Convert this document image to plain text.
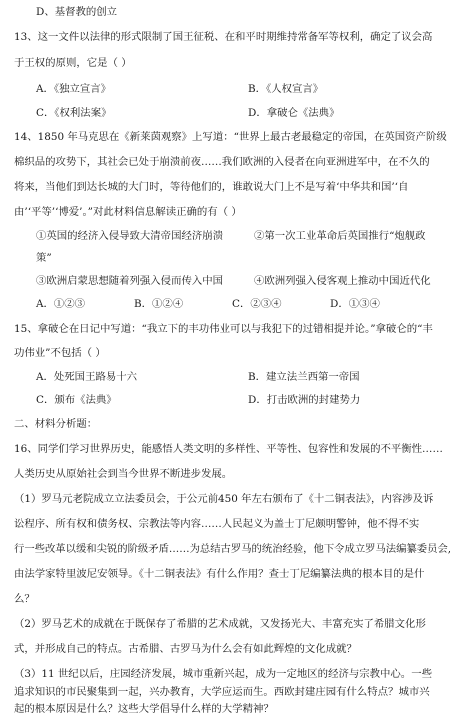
D、基督教的创立
13、这一文件以法律的形式限制了国王征税、在和平时期维持常备军等权利，确定了议会高
于王权的原则，它是（ ）
A．《独立宣言》	B．《人权宣言》
C．《权利法案》	D．拿破仑《法典》
14、1850 年马克思在《新莱茵观察》上写道：“世界上最古老最稳定的帝国，在英国资产阶级
棉织品的攻势下，其社会已处于崩溃前夜……我们欧洲的入侵者在向亚洲进军中，在不久的
将来，当他们到达长城的大门时，等待他们的，谁敢说大门上不是写着‘中华共和国’‘自
由’‘平等’‘博爱’。”对此材料信息解读正确的有（ ）
①英国的经济入侵导致大清帝国经济崩溃	②第一次工业革命后英国推行“炮舰政
策”
③欧洲启蒙思想随着列强入侵而传入中国	④欧洲列强入侵客观上推动中国近代化
A．①②③	B．①②④	C．②③④	D．①③④
15、拿破仑在日记中写道：“我立下的丰功伟业可以与我犯下的过错相提并论。”拿破仑的“丰
功伟业”不包括（ ）
A．处死国王路易十六	B．建立法兰西第一帝国
C．颁布《法典》	D．打击欧洲的封建势力
二、材料分析题：
16、同学们学习世界历史，能感悟人类文明的多样性、平等性、包容性和发展的不平衡性……
人类历史从原始社会到当今世界不断进步发展。
（1）罗马元老院成立立法委员会，于公元前450 年左右颁布了《十二铜表法》，内容涉及诉
讼程序、所有权和债务权、宗教法等内容……人民起义为盖士丁尼颇明警钟，他不得不实
行一些改革以缓和尖锐的阶级矛盾……为总结古罗马的统治经验，他下令成立罗马法编纂委员会,
由法学家特里波尼安领导。《十二铜表法》有什么作用？查士丁尼编纂法典的根本目的是什
么？
（2）罗马艺术的成就在于既保存了希腊的艺术成就，又发扬光大、丰富充实了希腊文化形
式，并形成自己的特点。古希腊、古罗马为什么会有如此辉煌的文化成就？
（3）11 世纪以后，庄园经济发展，城市重新兴起，成为一定地区的经济与宗教中心。一些
追求知识的市民聚集到一起，兴办教育，大学应运而生。西欧封建庄园有什么特点？城市兴
起的根本原因是什么？这些大学倡导什么样的大学精神？
